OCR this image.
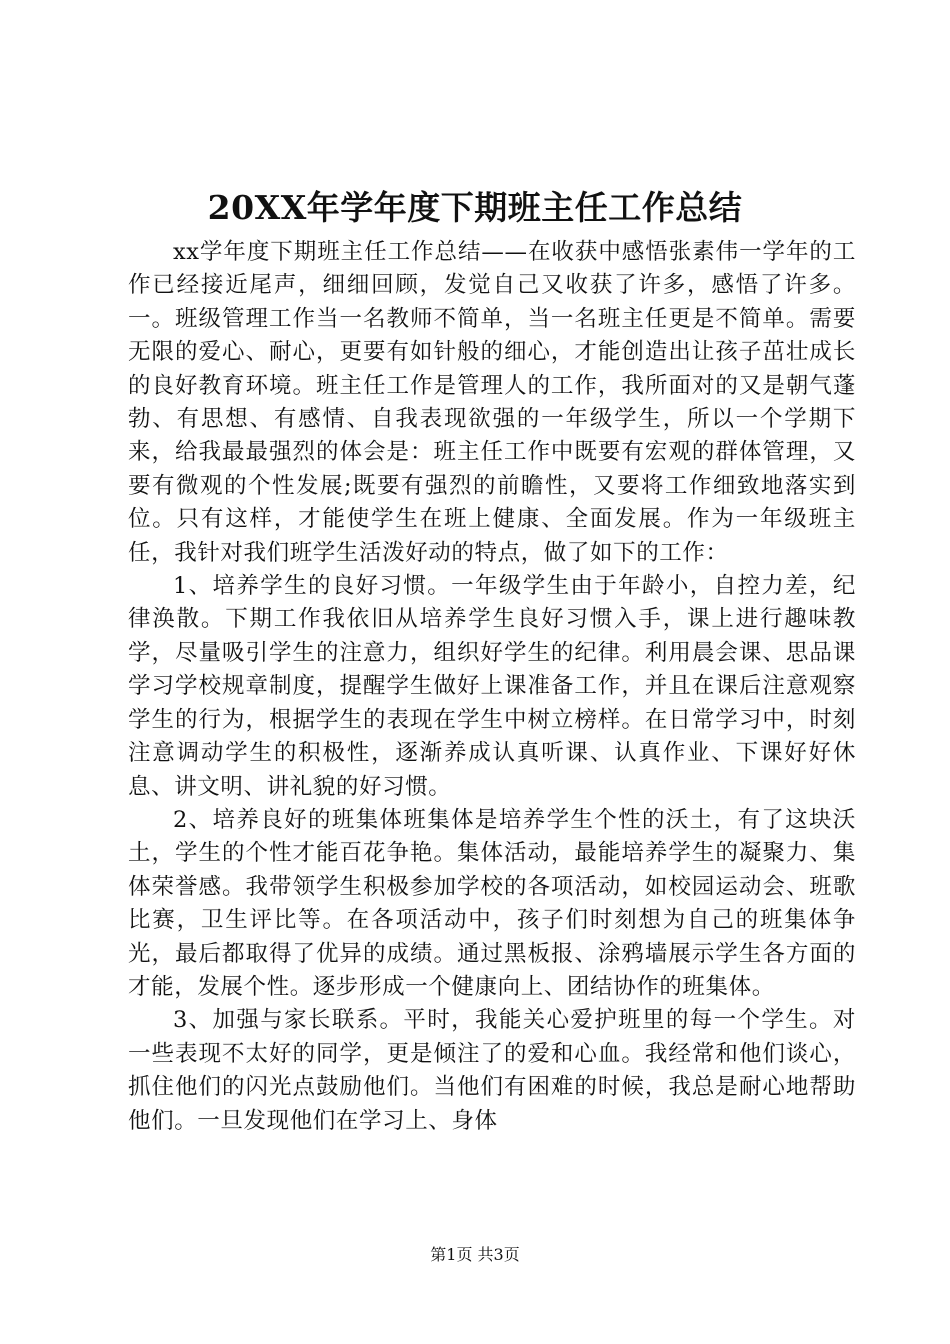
20XX年学年度下期班主任工作总结

xx学年度下期班主任工作总结——在收获中感悟张素伟一学年的工作已经接近尾声，细细回顾，发觉自己又收获了许多，感悟了许多。一。班级管理工作当一名教师不简单，当一名班主任更是不简单。需要无限的爱心、耐心，更要有如针般的细心，才能创造出让孩子茁壮成长的良好教育环境。班主任工作是管理人的工作，我所面对的又是朝气蓬勃、有思想、有感情、自我表现欲强的一年级学生，所以一个学期下来，给我最最强烈的体会是：班主任工作中既要有宏观的群体管理，又要有微观的个性发展;既要有强烈的前瞻性，又要将工作细致地落实到位。只有这样，才能使学生在班上健康、全面发展。作为一年级班主任，我针对我们班学生活泼好动的特点，做了如下的工作：

1、培养学生的良好习惯。一年级学生由于年龄小，自控力差，纪律涣散。下期工作我依旧从培养学生良好习惯入手，课上进行趣味教学，尽量吸引学生的注意力，组织好学生的纪律。利用晨会课、思品课学习学校规章制度，提醒学生做好上课准备工作，并且在课后注意观察学生的行为，根据学生的表现在学生中树立榜样。在日常学习中，时刻注意调动学生的积极性，逐渐养成认真听课、认真作业、下课好好休息、讲文明、讲礼貌的好习惯。

2、培养良好的班集体班集体是培养学生个性的沃土，有了这块沃土，学生的个性才能百花争艳。集体活动，最能培养学生的凝聚力、集体荣誉感。我带领学生积极参加学校的各项活动，如校园运动会、班歌比赛，卫生评比等。在各项活动中，孩子们时刻想为自己的班集体争光，最后都取得了优异的成绩。通过黑板报、涂鸦墙展示学生各方面的才能，发展个性。逐步形成一个健康向上、团结协作的班集体。

3、加强与家长联系。平时，我能关心爱护班里的每一个学生。对一些表现不太好的同学，更是倾注了的爱和心血。我经常和他们谈心，抓住他们的闪光点鼓励他们。当他们有困难的时候，我总是耐心地帮助他们。一旦发现他们在学习上、身体

第1页 共3页
